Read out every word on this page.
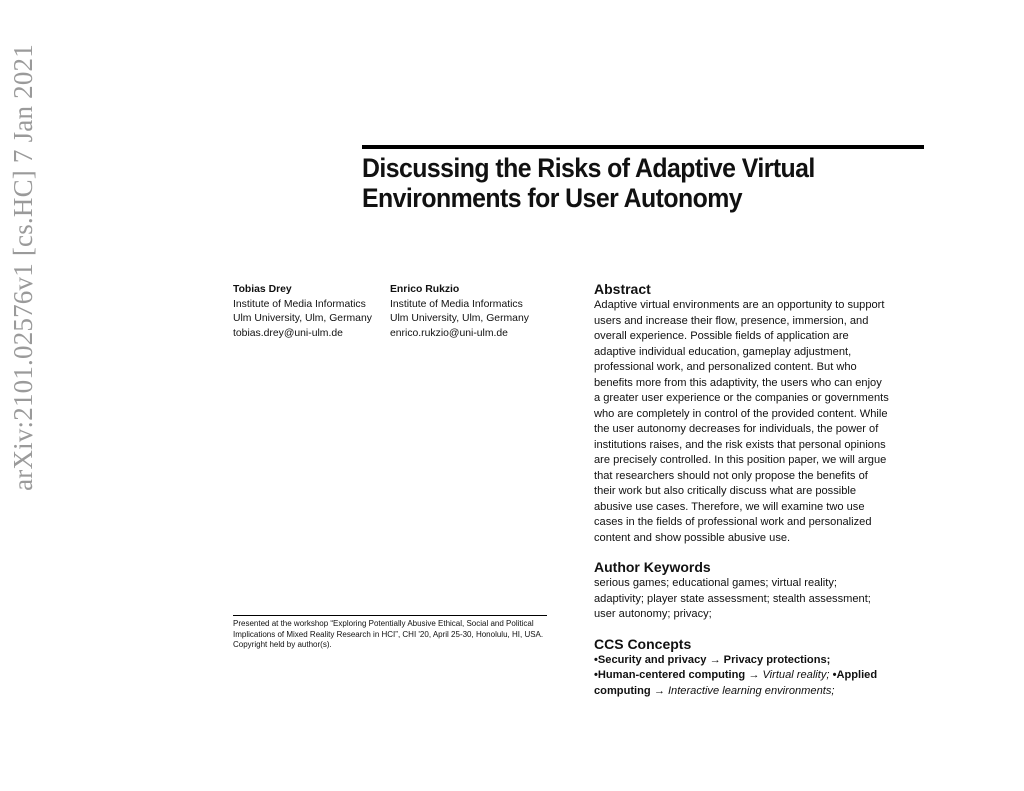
arXiv:2101.02576v1 [cs.HC] 7 Jan 2021	Discussing the Risks of Adaptive Virtual
Environments for User Autonomy
Tobias Drey
Institute of Media Informatics
Ulm University, Ulm, Germany
tobias.drey@uni-ulm.de
Enrico Rukzio
Institute of Media Informatics
Ulm University, Ulm, Germany
enrico.rukzio@uni-ulm.de
Presented at the workshop “Exploring Potentially Abusive Ethical, Social and Political Implications of Mixed Reality Research in HCI”, CHI '20, April 25-30, Honolulu, HI, USA.
Copyright held by author(s).
Abstract

Adaptive virtual environments are an opportunity to support
users and increase their flow, presence, immersion, and
overall experience. Possible fields of application are
adaptive individual education, gameplay adjustment,
professional work, and personalized content. But who
benefits more from this adaptivity, the users who can enjoy
a greater user experience or the companies or governments
who are completely in control of the provided content. While
the user autonomy decreases for individuals, the power of
institutions raises, and the risk exists that personal opinions
are precisely controlled. In this position paper, we will argue
that researchers should not only propose the benefits of
their work but also critically discuss what are possible
abusive use cases. Therefore, we will examine two use
cases in the fields of professional work and personalized
content and show possible abusive use.

Author Keywords

serious games; educational games; virtual reality;
adaptivity; player state assessment; stealth assessment;
user autonomy; privacy;

CCS Concepts

•Security and privacy → Privacy protections;
•Human-centered computing → Virtual reality; •Applied
computing → Interactive learning environments;
